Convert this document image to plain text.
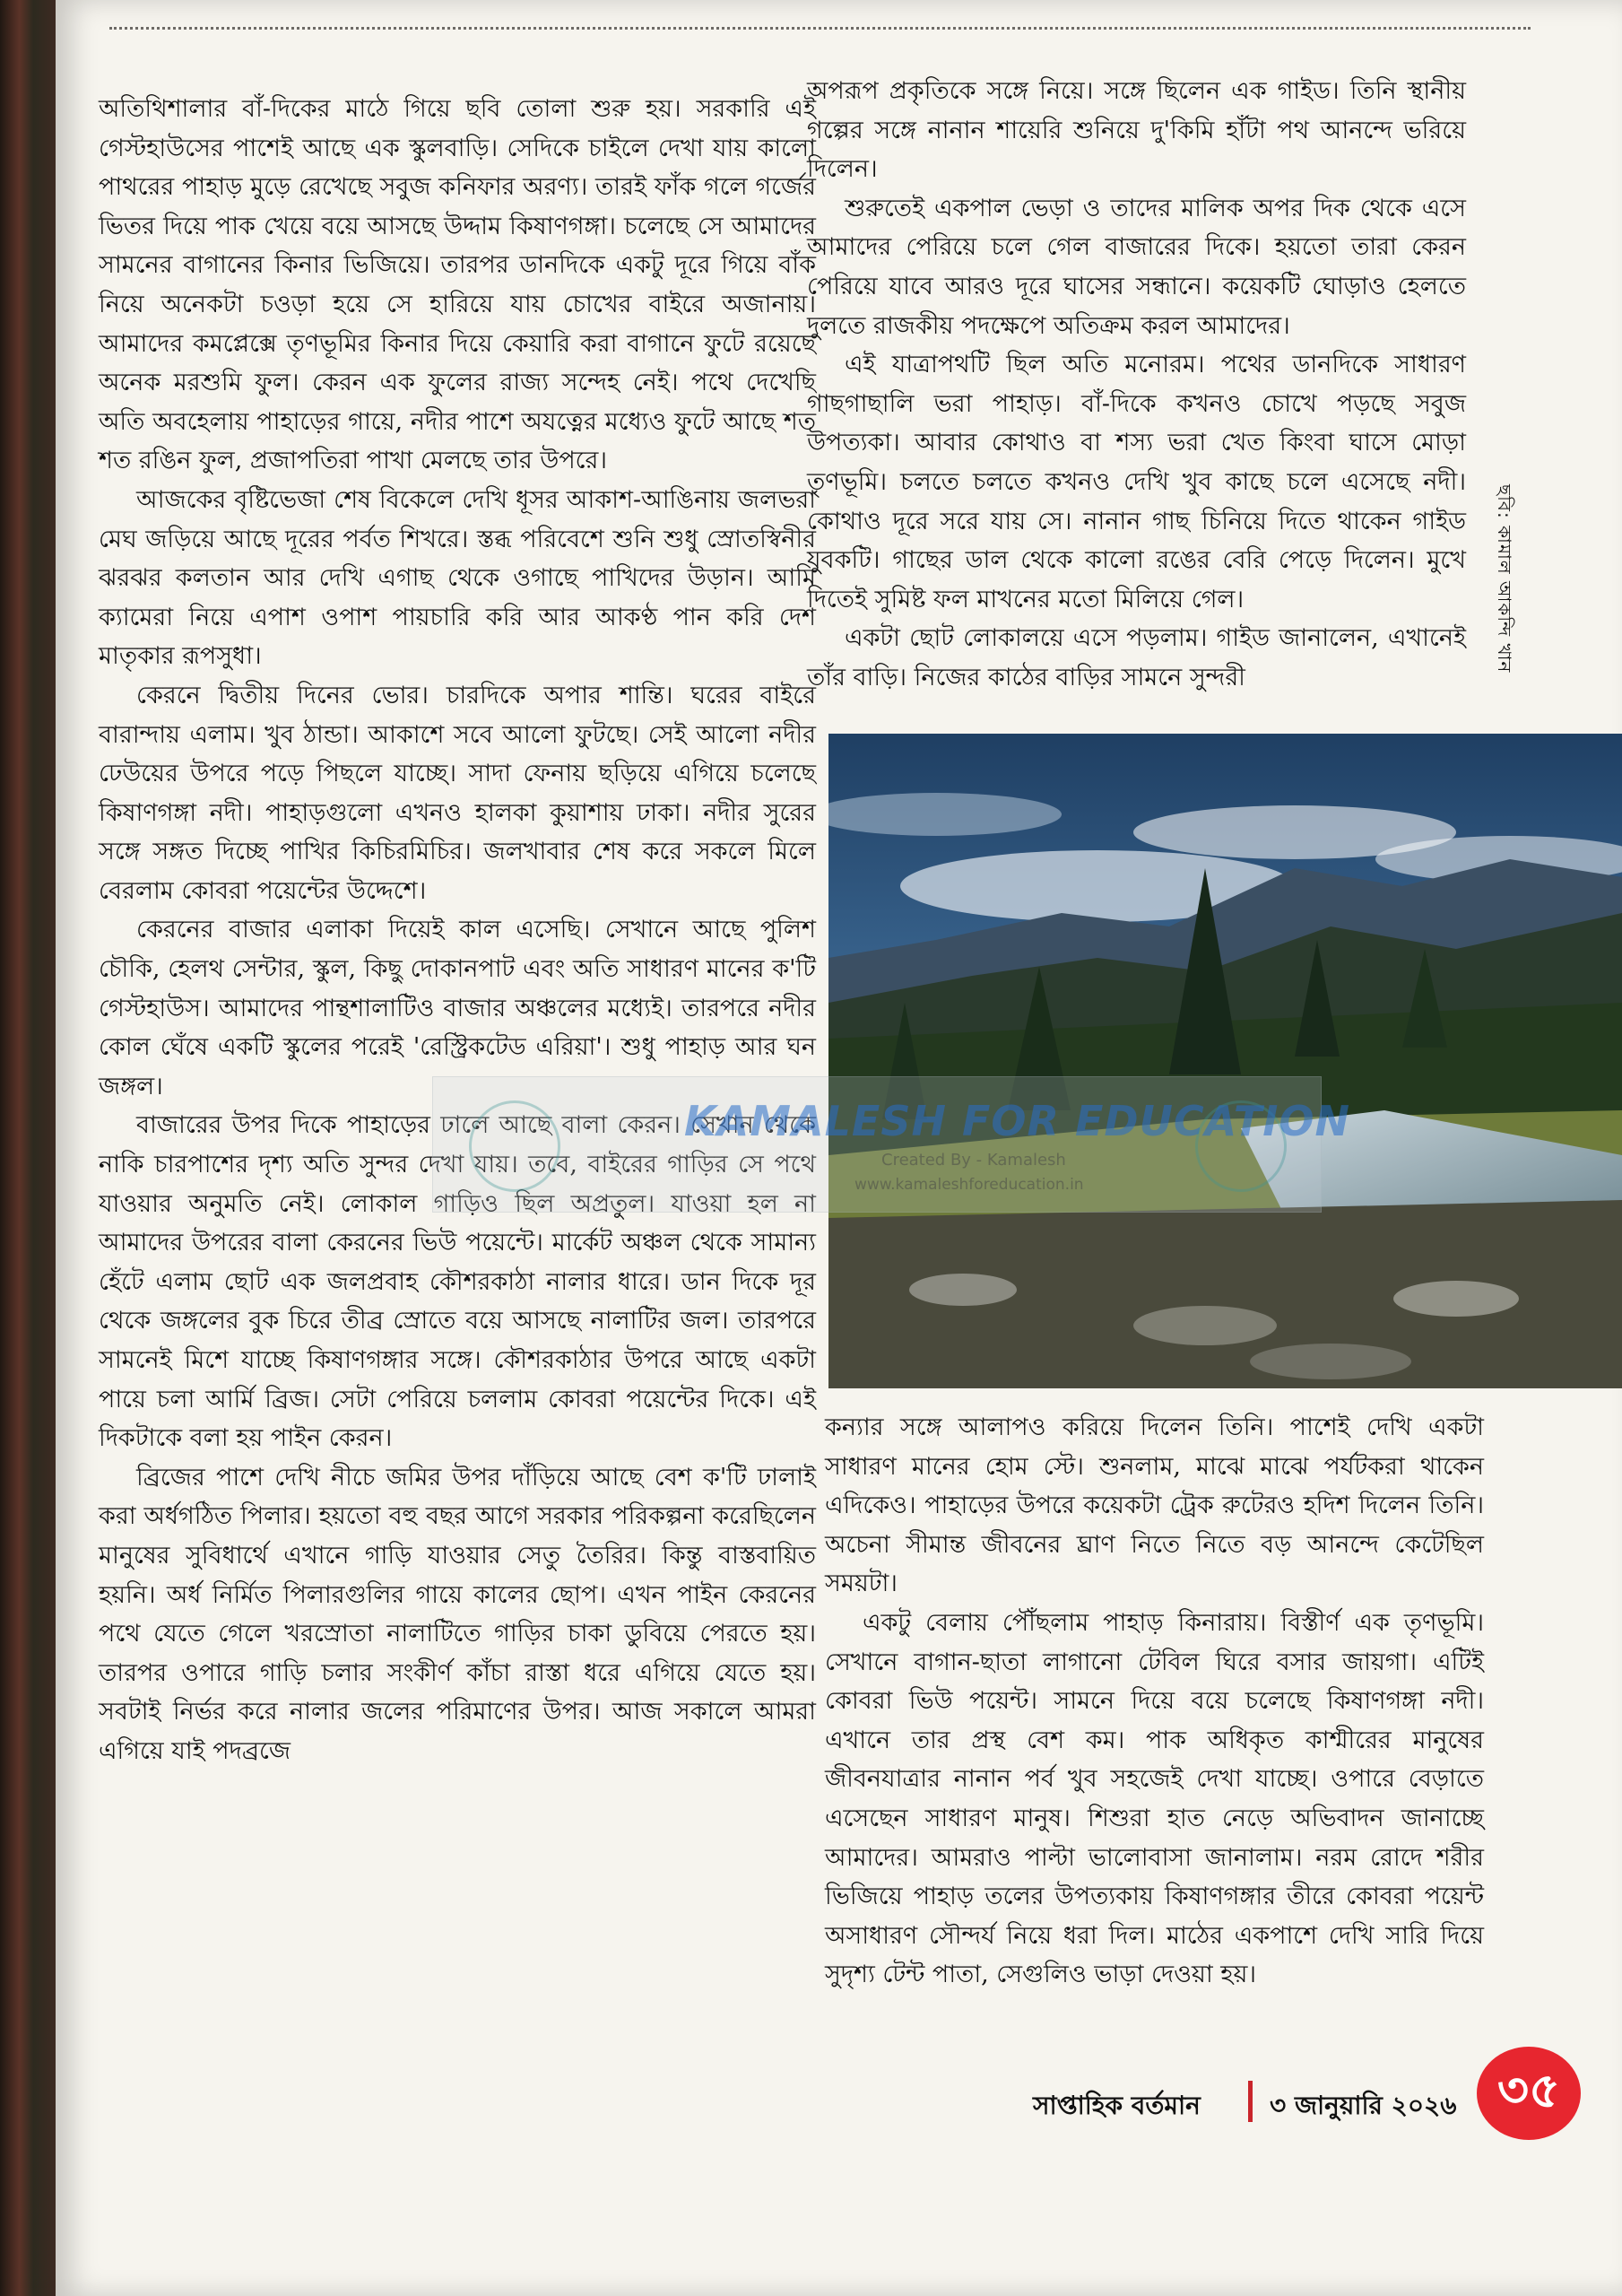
অতিথিশালার বাঁ-দিকের মাঠে গিয়ে ছবি তোলা শুরু হয়। সরকারি এই গেস্টহাউসের পাশেই আছে এক স্কুলবাড়ি। সেদিকে চাইলে দেখা যায় কালো পাথরের পাহাড় মুড়ে রেখেছে সবুজ কনিফার অরণ্য। তারই ফাঁক গলে গর্জের ভিতর দিয়ে পাক খেয়ে বয়ে আসছে উদ্দাম কিষাণগঙ্গা। চলেছে সে আমাদের সামনের বাগানের কিনার ভিজিয়ে। তারপর ডানদিকে একটু দূরে গিয়ে বাঁক নিয়ে অনেকটা চওড়া হয়ে সে হারিয়ে যায় চোখের বাইরে অজানায়। আমাদের কমপ্লেক্সে তৃণভূমির কিনার দিয়ে কেয়ারি করা বাগানে ফুটে রয়েছে অনেক মরশুমি ফুল। কেরন এক ফুলের রাজ্য সন্দেহ নেই। পথে দেখেছি অতি অবহেলায় পাহাড়ের গায়ে, নদীর পাশে অযত্নের মধ্যেও ফুটে আছে শত শত রঙিন ফুল, প্রজাপতিরা পাখা মেলছে তার উপরে।

আজকের বৃষ্টিভেজা শেষ বিকেলে দেখি ধূসর আকাশ-আঙিনায় জলভরা মেঘ জড়িয়ে আছে দূরের পর্বত শিখরে। স্তব্ধ পরিবেশে শুনি শুধু স্রোতস্বিনীর ঝরঝর কলতান আর দেখি এগাছ থেকে ওগাছে পাখিদের উড়ান। আমি ক্যামেরা নিয়ে এপাশ ওপাশ পায়চারি করি আর আকণ্ঠ পান করি দেশ মাতৃকার রূপসুধা।

কেরনে দ্বিতীয় দিনের ভোর। চারদিকে অপার শান্তি। ঘরের বাইরে বারান্দায় এলাম। খুব ঠান্ডা। আকাশে সবে আলো ফুটছে। সেই আলো নদীর ঢেউয়ের উপরে পড়ে পিছলে যাচ্ছে। সাদা ফেনায় ছড়িয়ে এগিয়ে চলেছে কিষাণগঙ্গা নদী। পাহাড়গুলো এখনও হালকা কুয়াশায় ঢাকা। নদীর সুরের সঙ্গে সঙ্গত দিচ্ছে পাখির কিচিরমিচির। জলখাবার শেষ করে সকলে মিলে বেরলাম কোবরা পয়েন্টের উদ্দেশে।

কেরনের বাজার এলাকা দিয়েই কাল এসেছি। সেখানে আছে পুলিশ চৌকি, হেলথ সেন্টার, স্কুল, কিছু দোকানপাট এবং অতি সাধারণ মানের ক'টি গেস্টহাউস। আমাদের পান্থশালাটিও বাজার অঞ্চলের মধ্যেই। তারপরে নদীর কোল ঘেঁষে একটি স্কুলের পরেই 'রেস্ট্রিকটেড এরিয়া'। শুধু পাহাড় আর ঘন জঙ্গল।

বাজারের উপর দিকে পাহাড়ের ঢালে আছে বালা কেরন। সেখান থেকে নাকি চারপাশের দৃশ্য অতি সুন্দর দেখা যায়। তবে, বাইরের গাড়ির সে পথে যাওয়ার অনুমতি নেই। লোকাল গাড়িও ছিল অপ্রতুল। যাওয়া হল না আমাদের উপরের বালা কেরনের ভিউ পয়েন্টে। মার্কেট অঞ্চল থেকে সামান্য হেঁটে এলাম ছোট এক জলপ্রবাহ কৌশরকাঠা নালার ধারে। ডান দিকে দূর থেকে জঙ্গলের বুক চিরে তীব্র স্রোতে বয়ে আসছে নালাটির জল। তারপরে সামনেই মিশে যাচ্ছে কিষাণগঙ্গার সঙ্গে। কৌশরকাঠার উপরে আছে একটা পায়ে চলা আর্মি ব্রিজ। সেটা পেরিয়ে চললাম কোবরা পয়েন্টের দিকে। এই দিকটাকে বলা হয় পাইন কেরন।

ব্রিজের পাশে দেখি নীচে জমির উপর দাঁড়িয়ে আছে বেশ ক'টি ঢালাই করা অর্ধগঠিত পিলার। হয়তো বহু বছর আগে সরকার পরিকল্পনা করেছিলেন মানুষের সুবিধার্থে এখানে গাড়ি যাওয়ার সেতু তৈরির। কিন্তু বাস্তবায়িত হয়নি। অর্ধ নির্মিত পিলারগুলির গায়ে কালের ছোপ। এখন পাইন কেরনের পথে যেতে গেলে খরস্রোতা নালাটিতে গাড়ির চাকা ডুবিয়ে পেরতে হয়। তারপর ওপারে গাড়ি চলার সংকীর্ণ কাঁচা রাস্তা ধরে এগিয়ে যেতে হয়। সবটাই নির্ভর করে নালার জলের পরিমাণের উপর। আজ সকালে আমরা এগিয়ে যাই পদব্রজে

অপরূপ প্রকৃতিকে সঙ্গে নিয়ে। সঙ্গে ছিলেন এক গাইড। তিনি স্থানীয় গল্পের সঙ্গে নানান শায়েরি শুনিয়ে দু'কিমি হাঁটা পথ আনন্দে ভরিয়ে দিলেন।

শুরুতেই একপাল ভেড়া ও তাদের মালিক অপর দিক থেকে এসে আমাদের পেরিয়ে চলে গেল বাজারের দিকে। হয়তো তারা কেরন পেরিয়ে যাবে আরও দূরে ঘাসের সন্ধানে। কয়েকটি ঘোড়াও হেলতে দুলতে রাজকীয় পদক্ষেপে অতিক্রম করল আমাদের।

এই যাত্রাপথটি ছিল অতি মনোরম। পথের ডানদিকে সাধারণ গাছগাছালি ভরা পাহাড়। বাঁ-দিকে কখনও চোখে পড়ছে সবুজ উপত্যকা। আবার কোথাও বা শস্য ভরা খেত কিংবা ঘাসে মোড়া তৃণভূমি। চলতে চলতে কখনও দেখি খুব কাছে চলে এসেছে নদী। কোথাও দূরে সরে যায় সে। নানান গাছ চিনিয়ে দিতে থাকেন গাইড যুবকটি। গাছের ডাল থেকে কালো রঙের বেরি পেড়ে দিলেন। মুখে দিতেই সুমিষ্ট ফল মাখনের মতো মিলিয়ে গেল।

একটা ছোট লোকালয়ে এসে পড়লাম। গাইড জানালেন, এখানেই তাঁর বাড়ি। নিজের কাঠের বাড়ির সামনে সুন্দরী

ছবি: কামাল আকন্দি খান

কন্যার সঙ্গে আলাপও করিয়ে দিলেন তিনি। পাশেই দেখি একটা সাধারণ মানের হোম স্টে। শুনলাম, মাঝে মাঝে পর্যটকরা থাকেন এদিকেও। পাহাড়ের উপরে কয়েকটা ট্রেক রুটেরও হদিশ দিলেন তিনি। অচেনা সীমান্ত জীবনের ঘ্রাণ নিতে নিতে বড় আনন্দে কেটেছিল সময়টা।

একটু বেলায় পৌঁছলাম পাহাড় কিনারায়। বিস্তীর্ণ এক তৃণভূমি। সেখানে বাগান-ছাতা লাগানো টেবিল ঘিরে বসার জায়গা। এটিই কোবরা ভিউ পয়েন্ট। সামনে দিয়ে বয়ে চলেছে কিষাণগঙ্গা নদী। এখানে তার প্রস্থ বেশ কম। পাক অধিকৃত কাশ্মীরের মানুষের জীবনযাত্রার নানান পর্ব খুব সহজেই দেখা যাচ্ছে। ওপারে বেড়াতে এসেছেন সাধারণ মানুষ। শিশুরা হাত নেড়ে অভিবাদন জানাচ্ছে আমাদের। আমরাও পাল্টা ভালোবাসা জানালাম। নরম রোদে শরীর ভিজিয়ে পাহাড় তলের উপত্যকায় কিষাণগঙ্গার তীরে কোবরা পয়েন্ট অসাধারণ সৌন্দর্য নিয়ে ধরা দিল। মাঠের একপাশে দেখি সারি দিয়ে সুদৃশ্য টেন্ট পাতা, সেগুলিও ভাড়া দেওয়া হয়।

KAMALESH FOR EDUCATION
Created By - Kamalesh
www.kamaleshforeducation.in
সাপ্তাহিক বর্তমান	৩ জানুয়ারি ২০২৬ ৩৫
